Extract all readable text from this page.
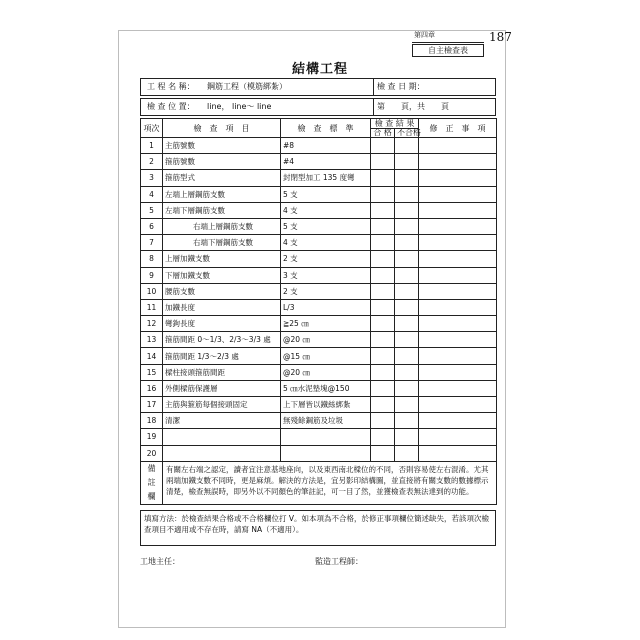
第四章
自主檢查表
187
結構工程
工 程 名 稱： 鋼筋工程（模筋綁紮）	檢 查 日 期：
檢 查 位 置： line， line～ line	第　　頁，共　　頁
項次	檢　查　項　目	檢　查　標　準	檢 查 結 果		修　正　事　項
			合 格	不合格	
1	主筋號數	#8			
2	箍筋號數	#4			
3	箍筋型式	封閉型加工 135 度彎			
4	左端上層鋼筋支數	5 支			
5	左端下層鋼筋支數	4 支			
6	右端上層鋼筋支數	5 支			
7	右端下層鋼筋支數	4 支			
8	上層加鐵支數	2 支			
9	下層加鐵支數	3 支			
10	腰筋支數	2 支			
11	加鐵長度	L/3			
12	彎鉤長度	≧25 ㎝			
13	箍筋間距 0～1/3、2/3～3/3 處	@20 ㎝			
14	箍筋間距 1/3～2/3 處	@15 ㎝			
15	樑柱接頭箍筋間距	@20 ㎝			
16	外側樑筋保護層	5 ㎝水泥墊塊@150			
17	主筋與箍筋每個接頭固定	上下層皆以鐵絲綁紮			
18	清潔	無殘餘鋼筋及垃圾			
19					
20					
備註欄	有關左右端之認定，讀者宜注意基地座向，以及東西南北樑位的不同，否則容易使左右混淆。尤其兩端加鐵支數不同時，更是麻煩。解決的方法是，宜另影印結構圖，並直接將有關支數的數據標示清楚，檢查無誤時，即另外以不同顏色的筆註記，可一目了然，並獲檢查表無法達到的功能。				
填寫方法：於檢查結果合格或不合格欄位打 V。如本項為不合格，於修正事項欄位簡述缺失，若該項次檢查項目不適用或不存在時，請寫 NA（不適用）。
工地主任：	監造工程師：
